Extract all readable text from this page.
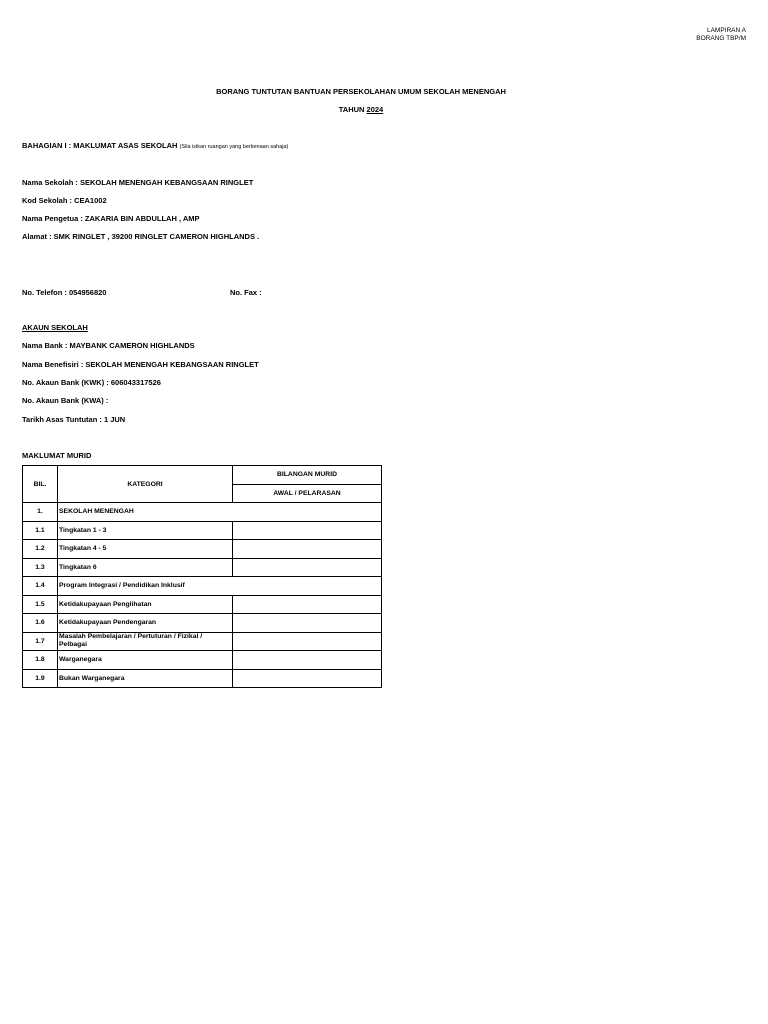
LAMPIRAN A
BORANG TBP/M
BORANG TUNTUTAN BANTUAN PERSEKOLAHAN UMUM SEKOLAH MENENGAH
TAHUN 2024
BAHAGIAN I : MAKLUMAT ASAS SEKOLAH (Sila isikan ruangan yang berkenaan sahaja)
Nama Sekolah : SEKOLAH MENENGAH KEBANGSAAN RINGLET
Kod Sekolah : CEA1002
Nama Pengetua : ZAKARIA BIN ABDULLAH , AMP
Alamat : SMK RINGLET , 39200 RINGLET CAMERON HIGHLANDS .
No. Telefon : 054956820	No. Fax :
AKAUN SEKOLAH
Nama Bank : MAYBANK CAMERON HIGHLANDS
Nama Benefisiri : SEKOLAH MENENGAH KEBANGSAAN RINGLET
No. Akaun Bank (KWK) : 606043317526
No. Akaun Bank (KWA) :
Tarikh Asas Tuntutan : 1 JUN
MAKLUMAT MURID
BIL.	KATEGORI	BILANGAN MURID
		AWAL / PELARASAN
1.	SEKOLAH MENENGAH	
1.1	Tingkatan 1 - 3	
1.2	Tingkatan 4 - 5	
1.3	Tingkatan 6	
1.4	Program Integrasi / Pendidikan Inklusif	
1.5	Ketidakupayaan Penglihatan	
1.6	Ketidakupayaan Pendengaran	
1.7	Masalah Pembelajaran / Pertuturan / Fizikal / Pelbagai	
1.8	Warganegara	
1.9	Bukan Warganegara	
